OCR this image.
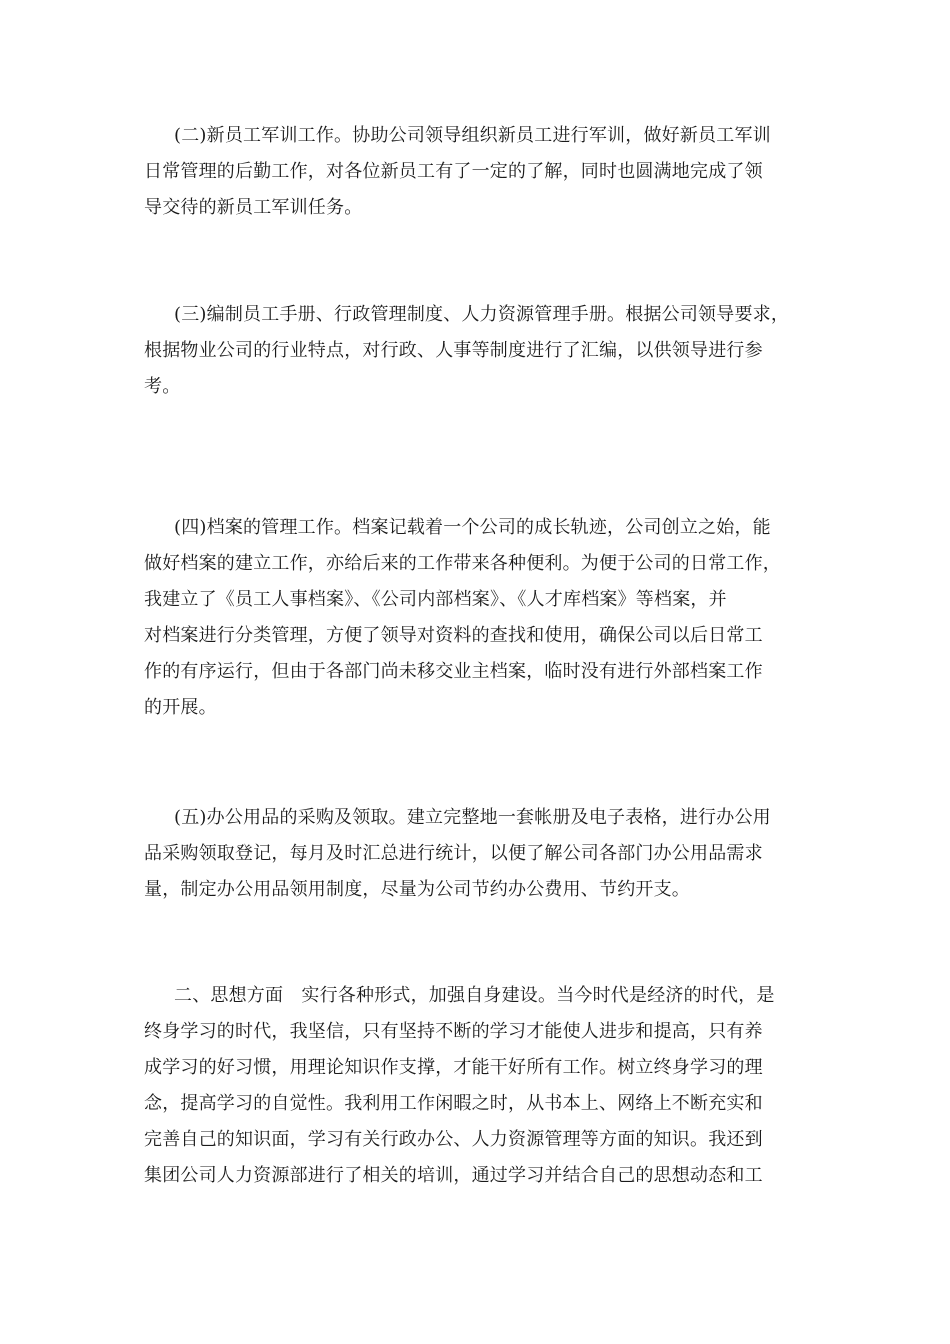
(二)新员工军训工作。协助公司领导组织新员工进行军训，做好新员工军训
日常管理的后勤工作，对各位新员工有了一定的了解，同时也圆满地完成了领
导交待的新员工军训任务。
(三)编制员工手册、行政管理制度、人力资源管理手册。根据公司领导要求，
根据物业公司的行业特点，对行政、人事等制度进行了汇编，以供领导进行参
考。
(四)档案的管理工作。档案记载着一个公司的成长轨迹，公司创立之始，能
做好档案的建立工作，亦给后来的工作带来各种便利。为便于公司的日常工作，
我建立了《员工人事档案》、《公司内部档案》、《人才库档案》等档案，并
对档案进行分类管理，方便了领导对资料的查找和使用，确保公司以后日常工
作的有序运行，但由于各部门尚未移交业主档案，临时没有进行外部档案工作
的开展。
(五)办公用品的采购及领取。建立完整地一套帐册及电子表格，进行办公用
品采购领取登记，每月及时汇总进行统计，以便了解公司各部门办公用品需求
量，制定办公用品领用制度，尽量为公司节约办公费用、节约开支。
二、思想方面　实行各种形式，加强自身建设。当今时代是经济的时代，是
终身学习的时代，我坚信，只有坚持不断的学习才能使人进步和提高，只有养
成学习的好习惯，用理论知识作支撑，才能干好所有工作。树立终身学习的理
念，提高学习的自觉性。我利用工作闲暇之时，从书本上、网络上不断充实和
完善自己的知识面，学习有关行政办公、人力资源管理等方面的知识。我还到
集团公司人力资源部进行了相关的培训，通过学习并结合自己的思想动态和工
